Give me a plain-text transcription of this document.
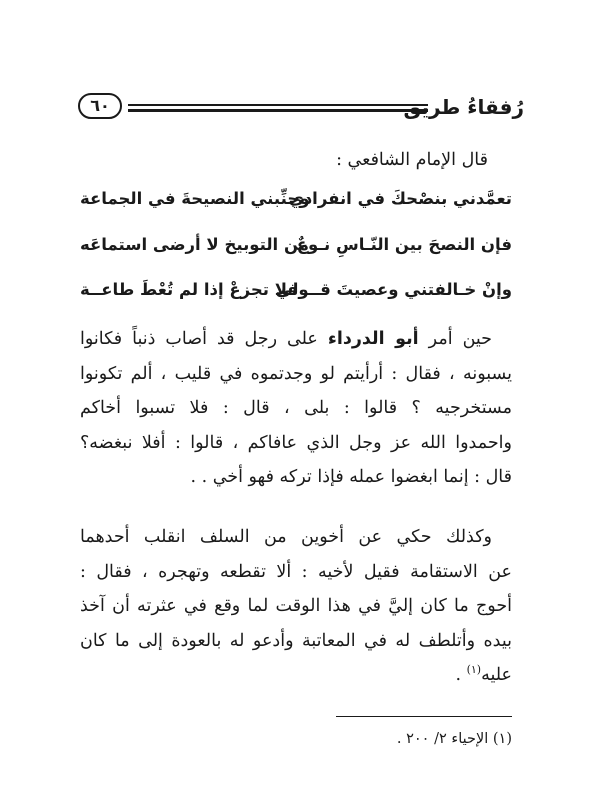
رُفقاءُ طريق
٦٠
قال الإمام الشافعي :
تعمَّدني بنصْحكَ في انفرادي
وجنِّبني النصيحةَ في الجماعة
فإن النصحَ بين النّـاسِ نـوعٌ
من التوبيخ لا أرضى استماعَه
وإنْ خـالفتني وعصيتَ قــولي
فلا تجزعْ إذا لم تُعْطَ طاعــة
حين أمر أبو الدرداء على رجل قد أصاب ذنباً فكانوا
يسبونه ، فقال : أرأيتم لو وجدتموه في قليب ، ألم تكونوا
مستخرجيه ؟ قالوا : بلى ، قال : فلا تسبوا أخاكم
واحمدوا الله عز وجل الذي عافاكم ، قالوا : أفلا نبغضه؟
قال : إنما ابغضوا عمله فإذا تركه فهو أخي . .
وكذلك حكي عن أخوين من السلف انقلب أحدهما
عن الاستقامة فقيل لأخيه : ألا تقطعه وتهجره ، فقال :
أحوج ما كان إليَّ في هذا الوقت لما وقع في عثرته أن آخذ
بيده وأتلطف له في المعاتبة وأدعو له بالعودة إلى ما كان
عليه$^{(١)}$ .
(١) الإحياء ٢/ ٢٠٠ .
